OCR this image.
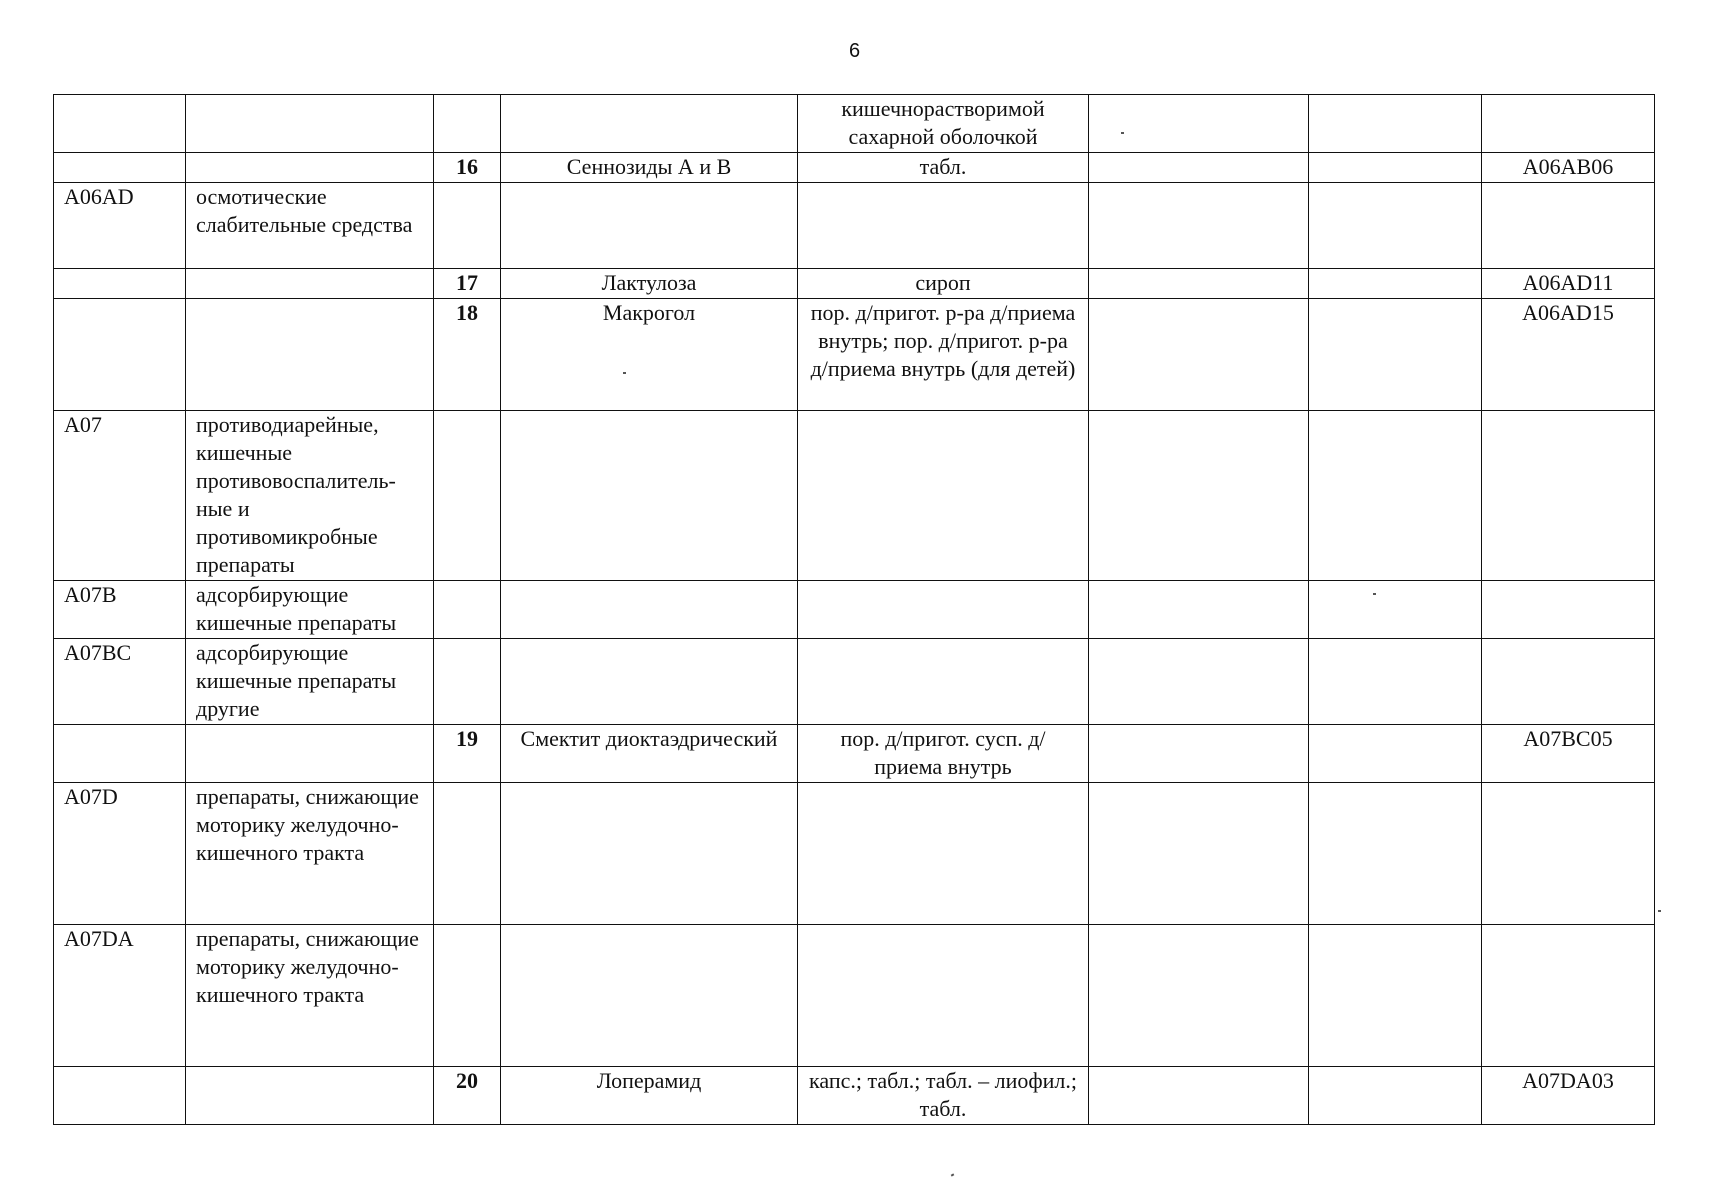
6
				кишечнорастворимой сахарной оболочкой			
		16	Сеннозиды А и В	табл.			A06AB06
A06AD	осмотические слабительные средства						
		17	Лактулоза	сироп			A06AD11
		18	Макрогол	пор. д/пригот. р-ра д/приема внутрь; пор. д/пригот. р-ра д/приема внутрь (для детей)			A06AD15
A07	противодиарейные, кишечные противовоспалитель-ные и противомикробные препараты						
A07B	адсорбирующие кишечные препараты						
A07BC	адсорбирующие кишечные препараты другие						
		19	Смектит диоктаэдрический	пор. д/пригот. сусп. д/приема внутрь			A07BC05
A07D	препараты, снижающие моторику желудочно-кишечного тракта						
A07DA	препараты, снижающие моторику желудочно-кишечного тракта						
		20	Лоперамид	капс.; табл.; табл. – лиофил.; табл.			A07DA03
